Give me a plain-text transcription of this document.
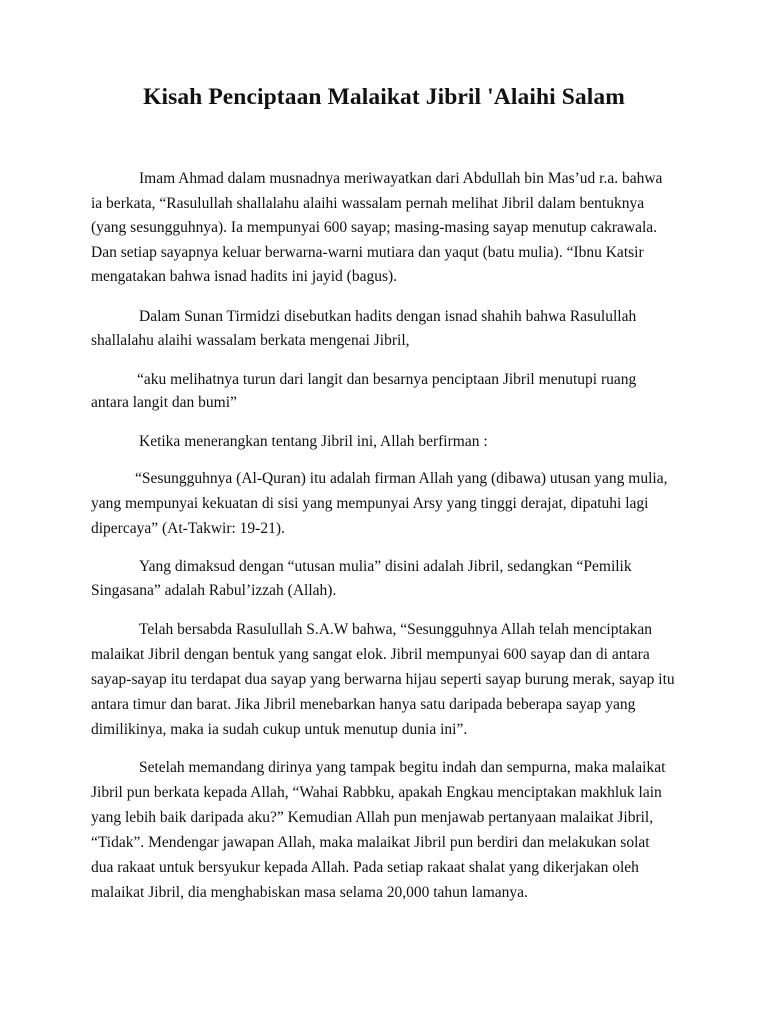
Kisah Penciptaan Malaikat Jibril 'Alaihi Salam
Imam Ahmad dalam musnadnya meriwayatkan dari Abdullah bin Mas’ud r.a. bahwa
ia berkata, “Rasulullah shallalahu alaihi wassalam pernah melihat Jibril dalam bentuknya
(yang sesungguhnya). Ia mempunyai 600 sayap; masing-masing sayap menutup cakrawala.
Dan setiap sayapnya keluar berwarna-warni mutiara dan yaqut (batu mulia). “Ibnu Katsir
mengatakan bahwa isnad hadits ini jayid (bagus).
Dalam Sunan Tirmidzi disebutkan hadits dengan isnad shahih bahwa Rasulullah
shallalahu alaihi wassalam berkata mengenai Jibril,
“aku melihatnya turun dari langit dan besarnya penciptaan Jibril menutupi ruang
antara langit dan bumi”
Ketika menerangkan tentang Jibril ini, Allah berfirman :
“Sesungguhnya (Al-Quran) itu adalah firman Allah yang (dibawa) utusan yang mulia,
yang mempunyai kekuatan di sisi yang mempunyai Arsy yang tinggi derajat, dipatuhi lagi
dipercaya” (At-Takwir: 19-21).
Yang dimaksud dengan “utusan mulia” disini adalah Jibril, sedangkan “Pemilik
Singasana” adalah Rabul’izzah (Allah).
Telah bersabda Rasulullah S.A.W bahwa, “Sesungguhnya Allah telah menciptakan
malaikat Jibril dengan bentuk yang sangat elok. Jibril mempunyai 600 sayap dan di antara
sayap-sayap itu terdapat dua sayap yang berwarna hijau seperti sayap burung merak, sayap itu
antara timur dan barat. Jika Jibril menebarkan hanya satu daripada beberapa sayap yang
dimilikinya, maka ia sudah cukup untuk menutup dunia ini”.
Setelah memandang dirinya yang tampak begitu indah dan sempurna, maka malaikat
Jibril pun berkata kepada Allah, “Wahai Rabbku, apakah Engkau menciptakan makhluk lain
yang lebih baik daripada aku?” Kemudian Allah pun menjawab pertanyaan malaikat Jibril,
“Tidak”. Mendengar jawapan Allah, maka malaikat Jibril pun berdiri dan melakukan solat
dua rakaat untuk bersyukur kepada Allah. Pada setiap rakaat shalat yang dikerjakan oleh
malaikat Jibril, dia menghabiskan masa selama 20,000 tahun lamanya.
